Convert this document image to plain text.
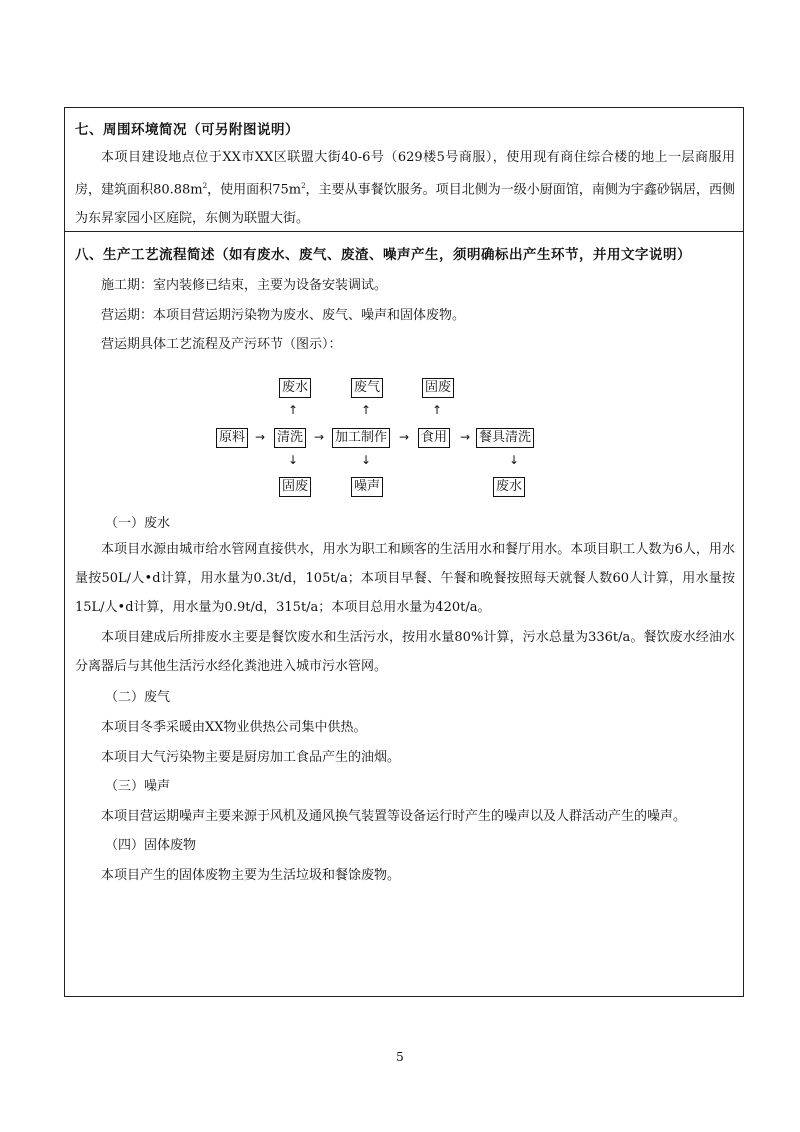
七、周围环境简况（可另附图说明）
本项目建设地点位于XX市XX区联盟大街40-6号（629楼5号商服），使用现有商住综合楼的地上一层商服用房，建筑面积$80.88m^2$，使用面积$75m^2$，主要从事餐饮服务。项目北侧为一级小厨面馆，南侧为宇鑫砂锅居，西侧为东昇家园小区庭院，东侧为联盟大街。
八、生产工艺流程简述（如有废水、废气、废渣、噪声产生，须明确标出产生环节，并用文字说明）
施工期：室内装修已结束，主要为设备安装调试。
营运期：本项目营运期污染物为废水、废气、噪声和固体废物。
营运期具体工艺流程及产污环节（图示）：
废水	废气	固废
↑	↑	↑
原料 → 清洗 → 加工制作 → 食用 → 餐具清洗
↓	↓	↓
固废	噪声	废水
（一）废水
本项目水源由城市给水管网直接供水，用水为职工和顾客的生活用水和餐厅用水。本项目职工人数为6人，用水量按50L/人•d计算，用水量为0.3t/d，105t/a；本项目早餐、午餐和晚餐按照每天就餐人数60人计算，用水量按15L/人•d计算，用水量为0.9t/d，315t/a；本项目总用水量为420t/a。
本项目建成后所排废水主要是餐饮废水和生活污水，按用水量80%计算，污水总量为336t/a。餐饮废水经油水分离器后与其他生活污水经化粪池进入城市污水管网。
（二）废气
本项目冬季采暖由XX物业供热公司集中供热。
本项目大气污染物主要是厨房加工食品产生的油烟。
（三）噪声
本项目营运期噪声主要来源于风机及通风换气装置等设备运行时产生的噪声以及人群活动产生的噪声。
（四）固体废物
本项目产生的固体废物主要为生活垃圾和餐馀废物。
5
